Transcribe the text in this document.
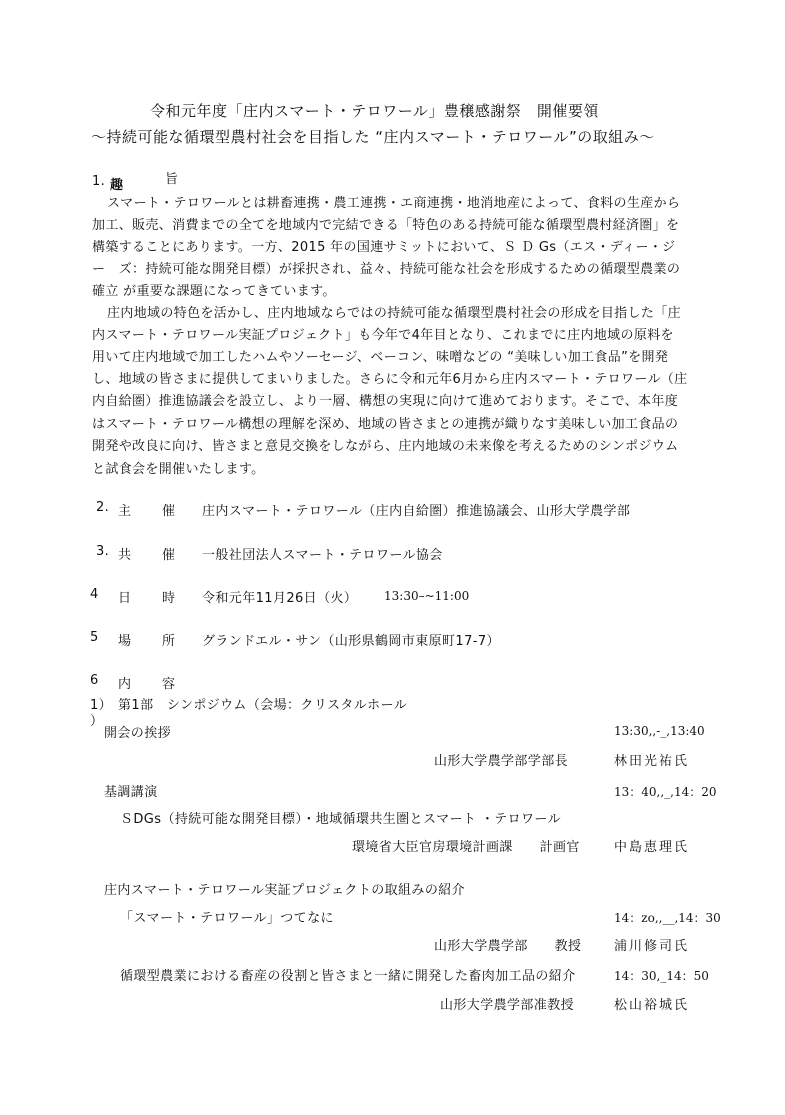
令和元年度「庄内スマート・テロワール」豊穣感謝祭　開催要領
～持続可能な循環型農村社会を目指した “庄内スマート・テロワール”の取組み～
1. 趣	旨
スマート・テロワールとは耕畜連携・農工連携・エ商連携・地消地産によって、食料の生産から
加工、販売、消費までの全てを地域内で完結できる「特色のある持続可能な循環型農村経済圏」を
構築することにあります。一方、2015 年の国連サミットにおいて、Ｓ Ｄ Gs（エス・ディー・ジ
ー　ズ：持続可能な開発目標）が採択され、益々、持続可能な社会を形成するための循環型農業の
確立 が重要な課題になってきています。
庄内地域の特色を活かし、庄内地域ならではの持続可能な循環型農村社会の形成を目指した「庄
内スマート・テロワール実証プロジェクト」も今年で4年目となり、これまでに庄内地域の原料を
用いて庄内地域で加工したハムやソーセージ、ベーコン、味噌などの “美味しい加工食品”を開発
し、地域の皆さまに提供してまいりました。さらに令和元年6月から庄内スマート・テロワール（庄
内自給圏）推進協議会を設立し、より一層、構想の実現に向けて進めております。そこで、本年度
はスマート・テロワール構想の理解を深め、地域の皆さまとの連携が織りなす美味しい加工食品の
開発や改良に向け、皆さまと意見交換をしながら、庄内地域の未来像を考えるためのシンポジウム
と試食会を開催いたします。
2. 主 催 庄内スマート・テロワール（庄内自給圏）推進協議会、山形大学農学部
3. 共 催 一般社団法人スマート・テロワール協会
4 日 時 令和元年11月26日（火） 13:30–~11:00
5 場 所 グランドエル・サン（山形県鶴岡市東原町17-7）
6 内 容
1） 第1部　シンポジウム（会場：クリスタルホール
）
開会の挨拶	13:30,,-_,13:40
山形大学農学部学部長	林田光祐氏
基調講演	13：40,,_,14：20
ＳDGs（持続可能な開発目標）・地域循環共生圏とスマート ・テロワール
環境省大臣官房環境計画課　　計画官	中島恵理氏
庄内スマート・テロワール実証プロジェクトの取組みの紹介
「スマート・テロワール」つてなに	14：zo,,__,14：30
山形大学農学部　　教授	浦川修司氏
循環型農業における畜産の役割と皆さまと一緒に開発した畜肉加工品の紹介	14：30,_14：50
山形大学農学部准教授	松山裕城氏
